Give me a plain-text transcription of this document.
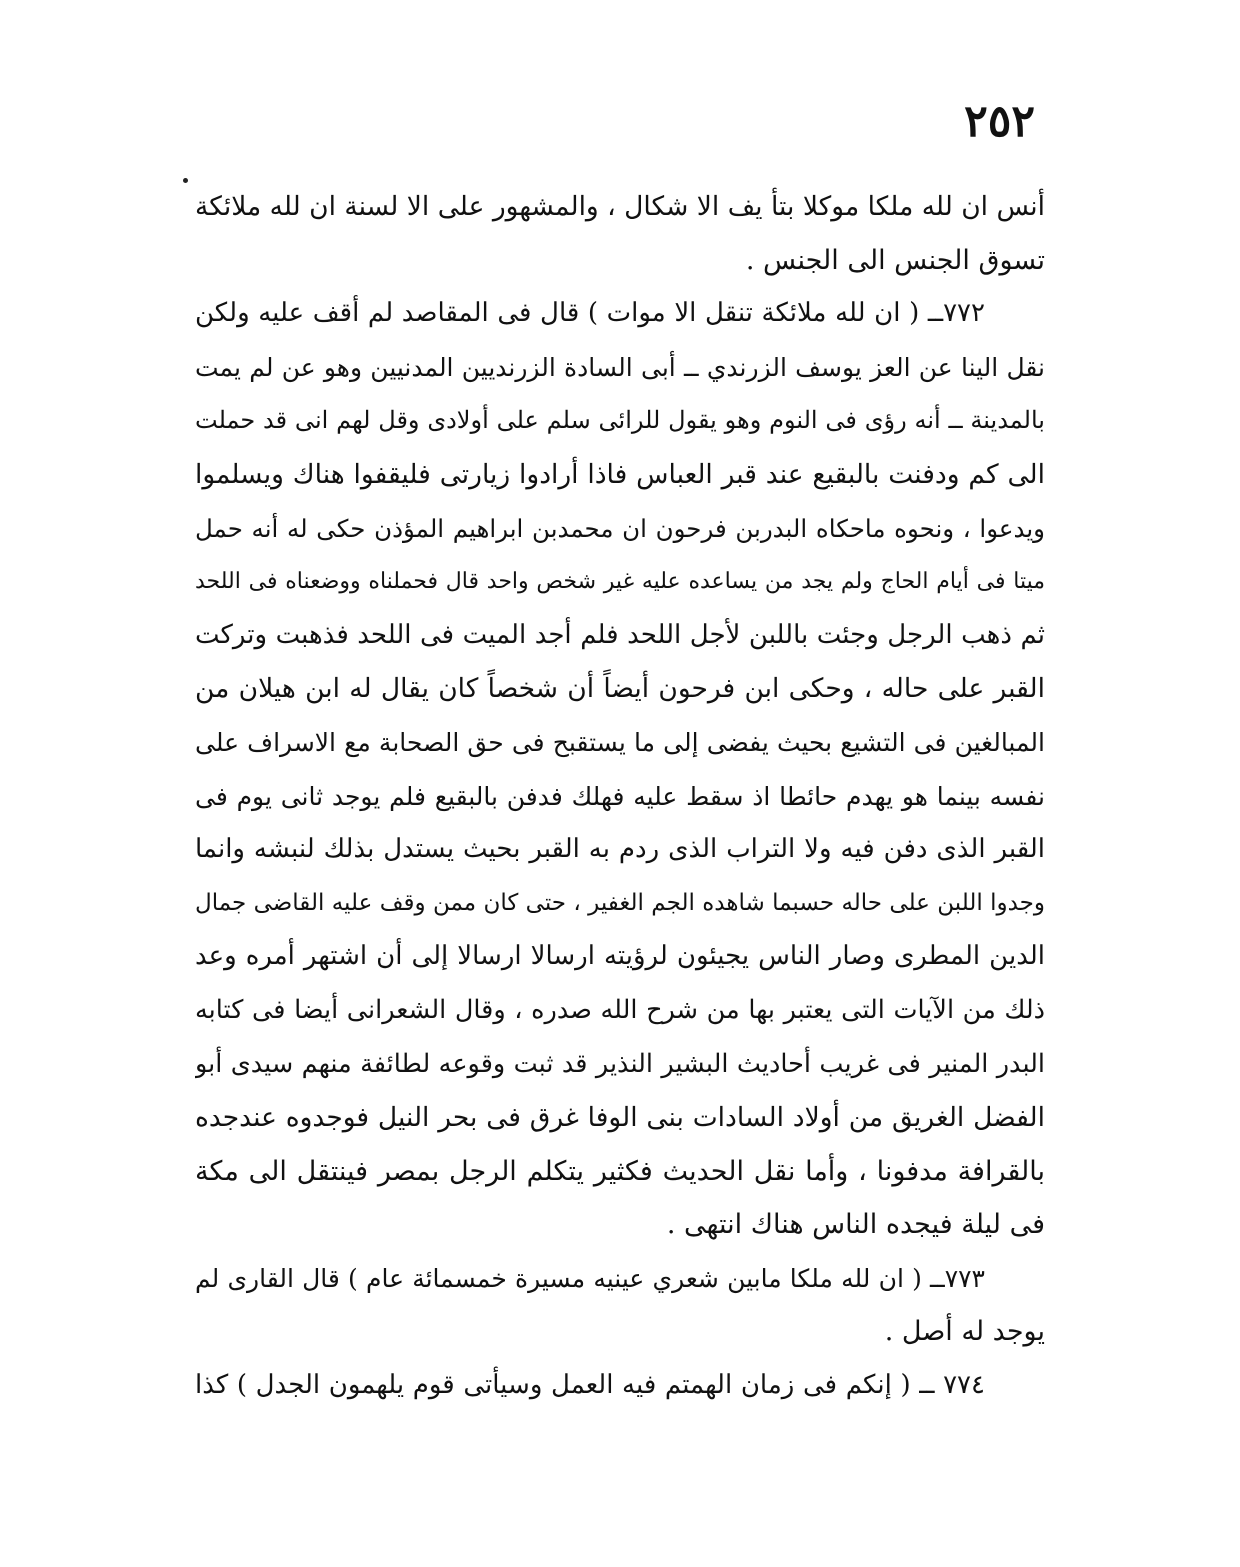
٢٥٢
أنس ان لله ملكا موكلا بتأ يف الا شكال ، والمشهور على الا لسنة ان لله ملائكة
تسوق الجنس الى الجنس .
٧٧٢ــ ( ان لله ملائكة تنقل الا موات ) قال فى المقاصد لم أقف عليه ولكن
نقل الينا عن العز يوسف الزرندي ــ أبى السادة الزرنديين المدنيين وهو عن لم يمت
بالمدينة ــ أنه رؤى فى النوم وهو يقول للرائى سلم على أولادى وقل لهم انى قد حملت
الى كم ودفنت بالبقيع عند قبر العباس فاذا أرادوا زيارتى فليقفوا هناك ويسلموا
ويدعوا ، ونحوه ماحكاه البدربن فرحون ان محمدبن ابراهيم المؤذن حكى له أنه حمل
ميتا فى أيام الحاج ولم يجد من يساعده عليه غير شخص واحد قال فحملناه ووضعناه فى اللحد
ثم ذهب الرجل وجئت باللبن لأجل اللحد فلم أجد الميت فى اللحد فذهبت وتركت
القبر على حاله ، وحكى ابن فرحون أيضاً أن شخصاً كان يقال له ابن هيلان من
المبالغين فى التشيع بحيث يفضى إلى ما يستقبح فى حق الصحابة مع الاسراف على
نفسه بينما هو يهدم حائطا اذ سقط عليه فهلك فدفن بالبقيع فلم يوجد ثانى يوم فى
القبر الذى دفن فيه ولا التراب الذى ردم به القبر بحيث يستدل بذلك لنبشه وانما
وجدوا اللبن على حاله حسبما شاهده الجم الغفير ، حتى كان ممن وقف عليه القاضى جمال
الدين المطرى وصار الناس يجيئون لرؤيته ارسالا ارسالا إلى أن اشتهر أمره وعد
ذلك من الآيات التى يعتبر بها من شرح الله صدره ، وقال الشعرانى أيضا فى كتابه
البدر المنير فى غريب أحاديث البشير النذير قد ثبت وقوعه لطائفة منهم سيدى أبو
الفضل الغريق من أولاد السادات بنى الوفا غرق فى بحر النيل فوجدوه عندجده
بالقرافة مدفونا ، وأما نقل الحديث فكثير يتكلم الرجل بمصر فينتقل الى مكة
فى ليلة فيجده الناس هناك انتهى .
٧٧٣ــ ( ان لله ملكا مابين شعري عينيه مسيرة خمسمائة عام ) قال القارى لم
يوجد له أصل .
٧٧٤ ــ ( إنكم فى زمان الهمتم فيه العمل وسيأتى قوم يلهمون الجدل ) كذا
